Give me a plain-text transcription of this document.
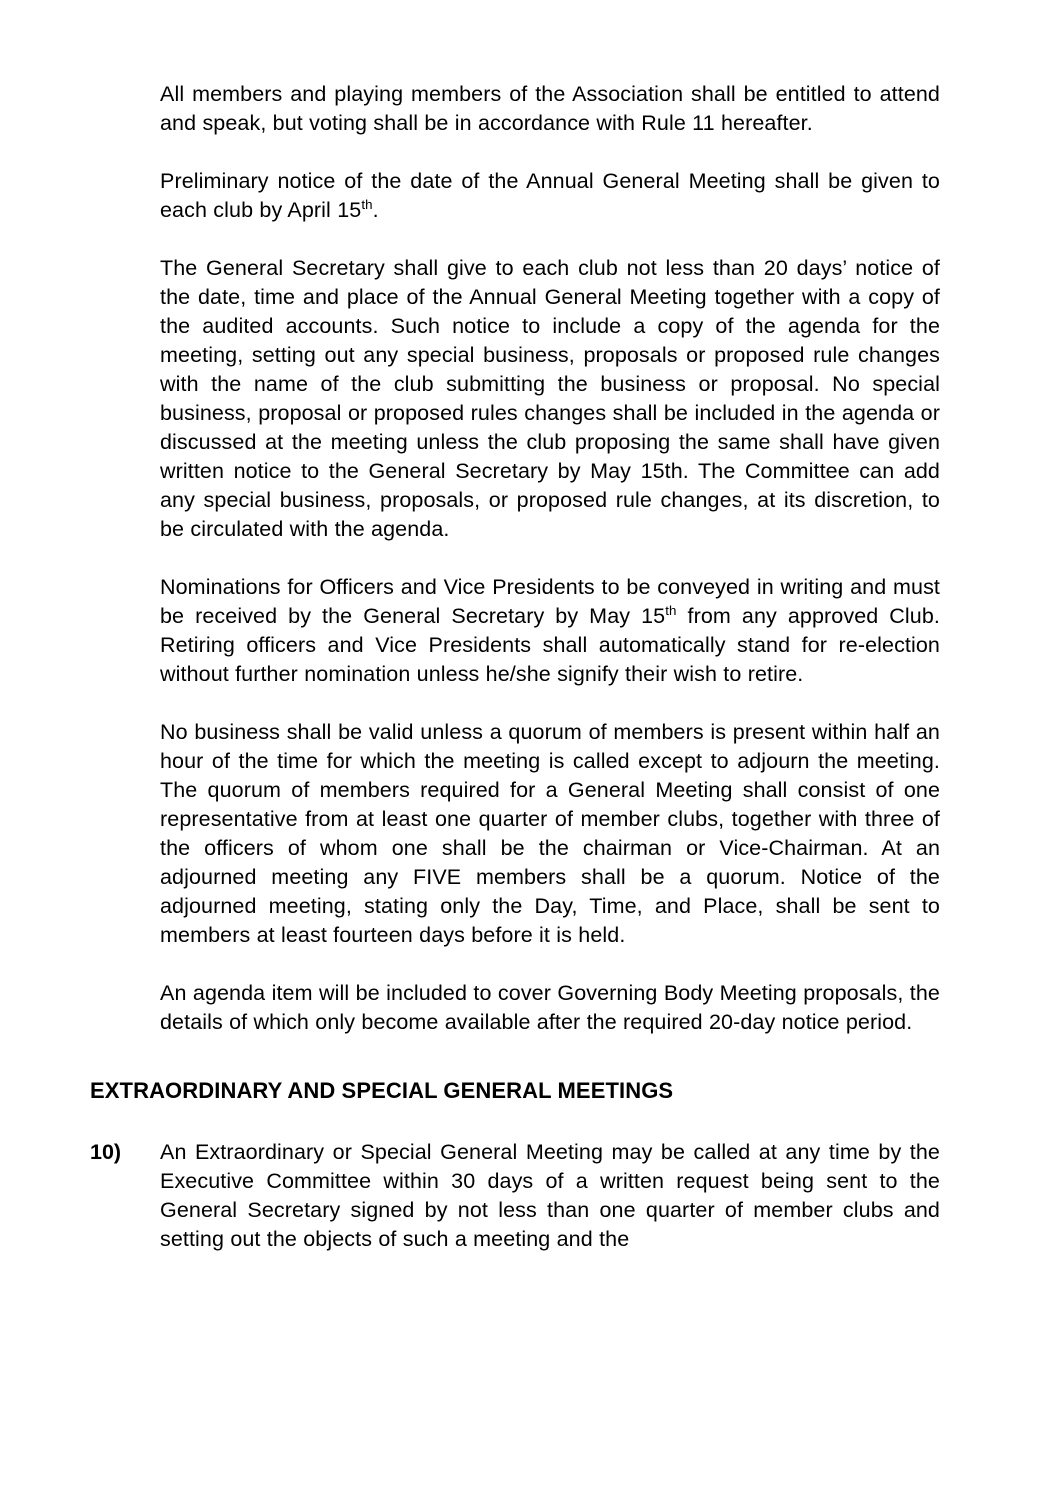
All members and playing members of the Association shall be entitled to attend and speak, but voting shall be in accordance with Rule 11 hereafter.

Preliminary notice of the date of the Annual General Meeting shall be given to each club by April 15th.

The General Secretary shall give to each club not less than 20 days’ notice of the date, time and place of the Annual General Meeting together with a copy of the audited accounts. Such notice to include a copy of the agenda for the meeting, setting out any special business, proposals or proposed rule changes with the name of the club submitting the business or proposal. No special business, proposal or proposed rules changes shall be included in the agenda or discussed at the meeting unless the club proposing the same shall have given written notice to the General Secretary by May 15th. The Committee can add any special business, proposals, or proposed rule changes, at its discretion, to be circulated with the agenda.

Nominations for Officers and Vice Presidents to be conveyed in writing and must be received by the General Secretary by May 15th from any approved Club. Retiring officers and Vice Presidents shall automatically stand for re-election without further nomination unless he/she signify their wish to retire.

No business shall be valid unless a quorum of members is present within half an hour of the time for which the meeting is called except to adjourn the meeting. The quorum of members required for a General Meeting shall consist of one representative from at least one quarter of member clubs, together with three of the officers of whom one shall be the chairman or Vice-Chairman. At an adjourned meeting any FIVE members shall be a quorum. Notice of the adjourned meeting, stating only the Day, Time, and Place, shall be sent to members at least fourteen days before it is held.

An agenda item will be included to cover Governing Body Meeting proposals, the details of which only become available after the required 20-day notice period.

EXTRAORDINARY AND SPECIAL GENERAL MEETINGS
10)	An Extraordinary or Special General Meeting may be called at any time by the Executive Committee within 30 days of a written request being sent to the General Secretary signed by not less than one quarter of member clubs and setting out the objects of such a meeting and the
